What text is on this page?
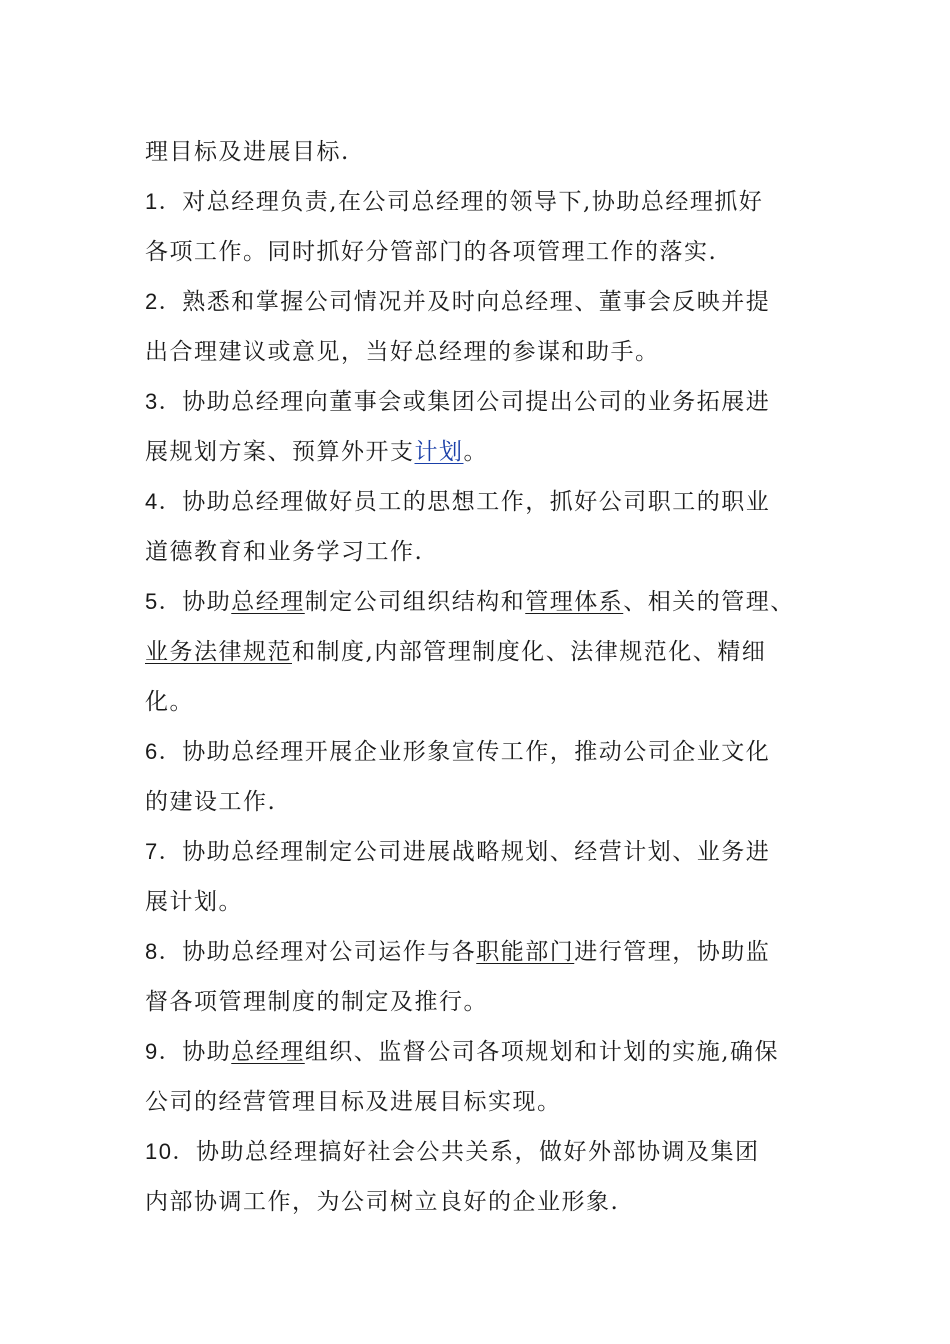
理目标及进展目标.
1．对总经理负责,在公司总经理的领导下,协助总经理抓好
各项工作。同时抓好分管部门的各项管理工作的落实.
2．熟悉和掌握公司情况并及时向总经理、董事会反映并提
出合理建议或意见，当好总经理的参谋和助手。
3．协助总经理向董事会或集团公司提出公司的业务拓展进
展规划方案、预算外开支计划。
4．协助总经理做好员工的思想工作，抓好公司职工的职业
道德教育和业务学习工作.
5．协助总经理制定公司组织结构和管理体系、相关的管理、
业务法律规范和制度,内部管理制度化、法律规范化、精细
化。
6．协助总经理开展企业形象宣传工作，推动公司企业文化
的建设工作.
7．协助总经理制定公司进展战略规划、经营计划、业务进
展计划。
8．协助总经理对公司运作与各职能部门进行管理，协助监
督各项管理制度的制定及推行。
9．协助总经理组织、监督公司各项规划和计划的实施,确保
公司的经营管理目标及进展目标实现。
10．协助总经理搞好社会公共关系，做好外部协调及集团
内部协调工作，为公司树立良好的企业形象.
